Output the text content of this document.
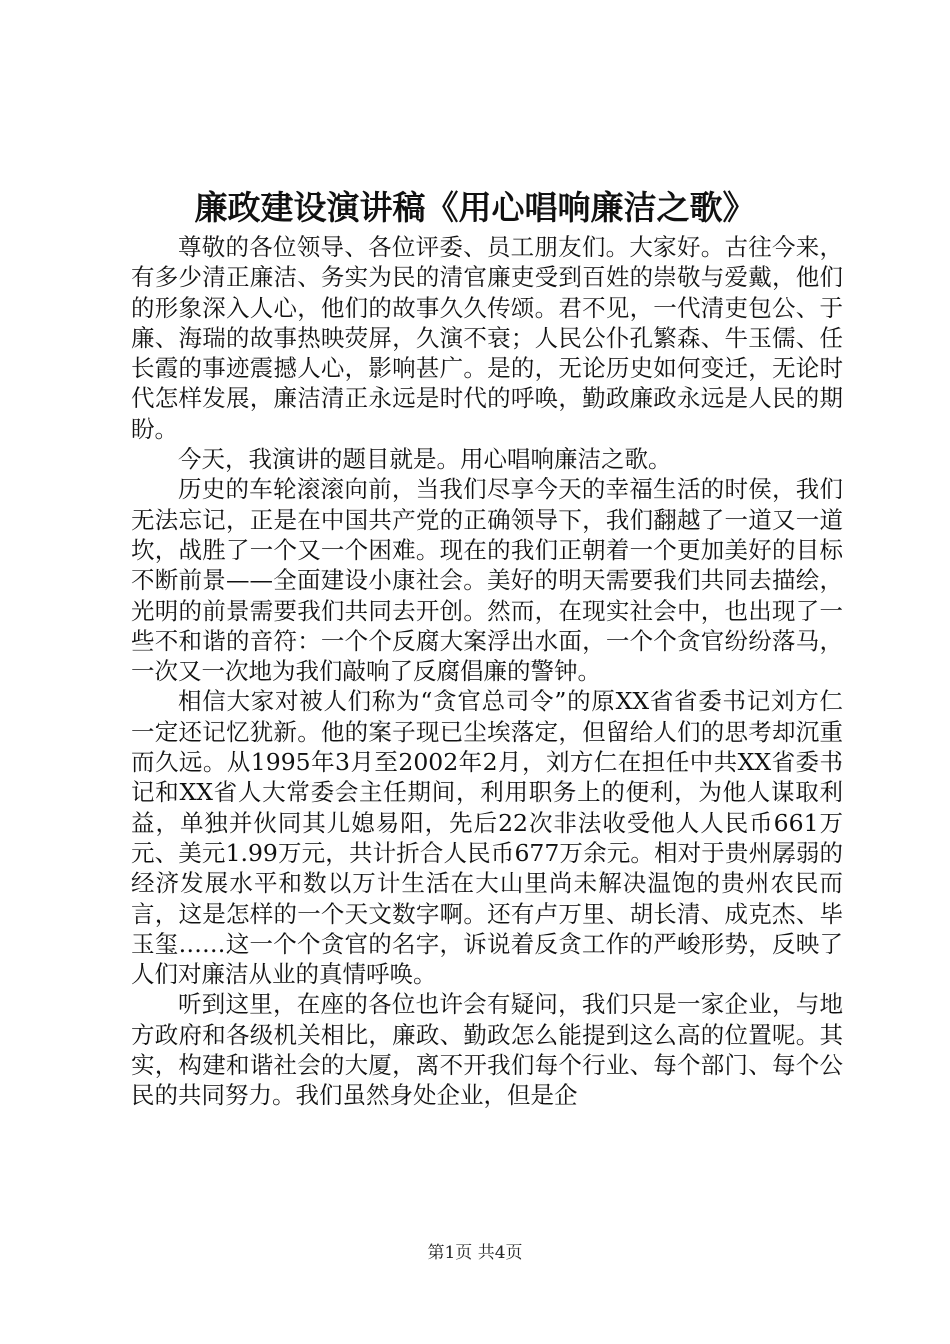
廉政建设演讲稿《用心唱响廉洁之歌》

尊敬的各位领导、各位评委、员工朋友们。大家好。古往今来，有多少清正廉洁、务实为民的清官廉吏受到百姓的崇敬与爱戴，他们的形象深入人心，他们的故事久久传颂。君不见，一代清吏包公、于廉、海瑞的故事热映荧屏，久演不衰；人民公仆孔繁森、牛玉儒、任长霞的事迹震撼人心，影响甚广。是的，无论历史如何变迁，无论时代怎样发展，廉洁清正永远是时代的呼唤，勤政廉政永远是人民的期盼。

今天，我演讲的题目就是。用心唱响廉洁之歌。

历史的车轮滚滚向前，当我们尽享今天的幸福生活的时侯，我们无法忘记，正是在中国共产党的正确领导下，我们翻越了一道又一道坎，战胜了一个又一个困难。现在的我们正朝着一个更加美好的目标不断前景——全面建设小康社会。美好的明天需要我们共同去描绘，光明的前景需要我们共同去开创。然而，在现实社会中，也出现了一些不和谐的音符：一个个反腐大案浮出水面，一个个贪官纷纷落马，一次又一次地为我们敲响了反腐倡廉的警钟。

相信大家对被人们称为“贪官总司令”的原XX省省委书记刘方仁一定还记忆犹新。他的案子现已尘埃落定，但留给人们的思考却沉重而久远。从1995年3月至2002年2月，刘方仁在担任中共XX省委书记和XX省人大常委会主任期间，利用职务上的便利，为他人谋取利益，单独并伙同其儿媳易阳，先后22次非法收受他人人民币661万元、美元1.99万元，共计折合人民币677万余元。相对于贵州孱弱的经济发展水平和数以万计生活在大山里尚未解决温饱的贵州农民而言，这是怎样的一个天文数字啊。还有卢万里、胡长清、成克杰、毕玉玺……这一个个贪官的名字，诉说着反贪工作的严峻形势，反映了人们对廉洁从业的真情呼唤。

听到这里，在座的各位也许会有疑问，我们只是一家企业，与地方政府和各级机关相比，廉政、勤政怎么能提到这么高的位置呢。其实，构建和谐社会的大厦，离不开我们每个行业、每个部门、每个公民的共同努力。我们虽然身处企业，但是企

第1页 共4页
